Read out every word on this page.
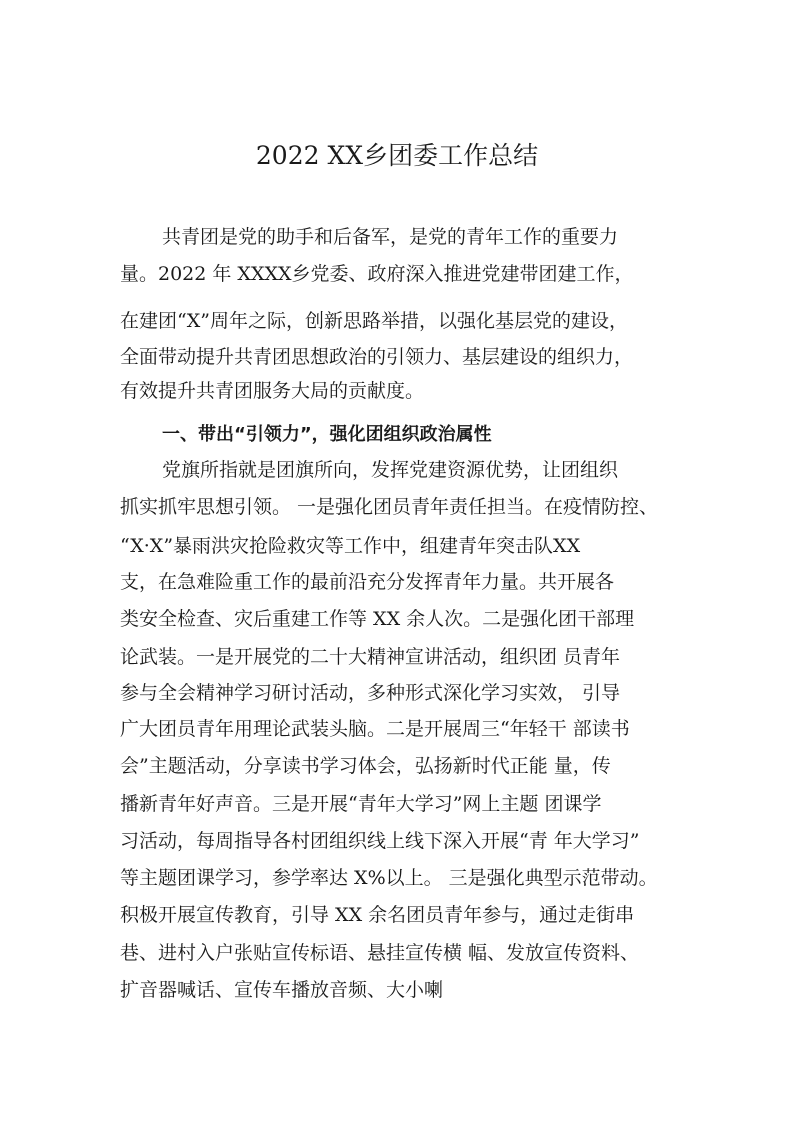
2022 XX乡团委工作总结
共青团是党的助手和后备军，是党的青年工作的重要力
量。2022 年 XXXX乡党委、政府深入推进党建带团建工作，
在建团“X”周年之际，创新思路举措，以强化基层党的建设，
全面带动提升共青团思想政治的引领力、基层建设的组织力，
有效提升共青团服务大局的贡献度。
一、带出“引领力”，强化团组织政治属性
党旗所指就是团旗所向，发挥党建资源优势，让团组织
抓实抓牢思想引领。 一是强化团员青年责任担当。在疫情防控、
“X·X”暴雨洪灾抢险救灾等工作中，组建青年突击队XX
支，在急难险重工作的最前沿充分发挥青年力量。共开展各
类安全检查、灾后重建工作等 XX 余人次。二是强化团干部理
论武装。一是开展党的二十大精神宣讲活动，组织团 员青年
参与全会精神学习研讨活动，多种形式深化学习实效， 引导
广大团员青年用理论武装头脑。二是开展周三“年轻干 部读书
会”主题活动，分享读书学习体会，弘扬新时代正能 量，传
播新青年好声音。三是开展“青年大学习”网上主题 团课学
习活动，每周指导各村团组织线上线下深入开展“青 年大学习”
等主题团课学习，参学率达 X%以上。 三是强化典型示范带动。
积极开展宣传教育，引导 XX 余名团员青年参与，通过走街串
巷、进村入户张贴宣传标语、悬挂宣传横 幅、发放宣传资料、
扩音器喊话、宣传车播放音频、大小喇
